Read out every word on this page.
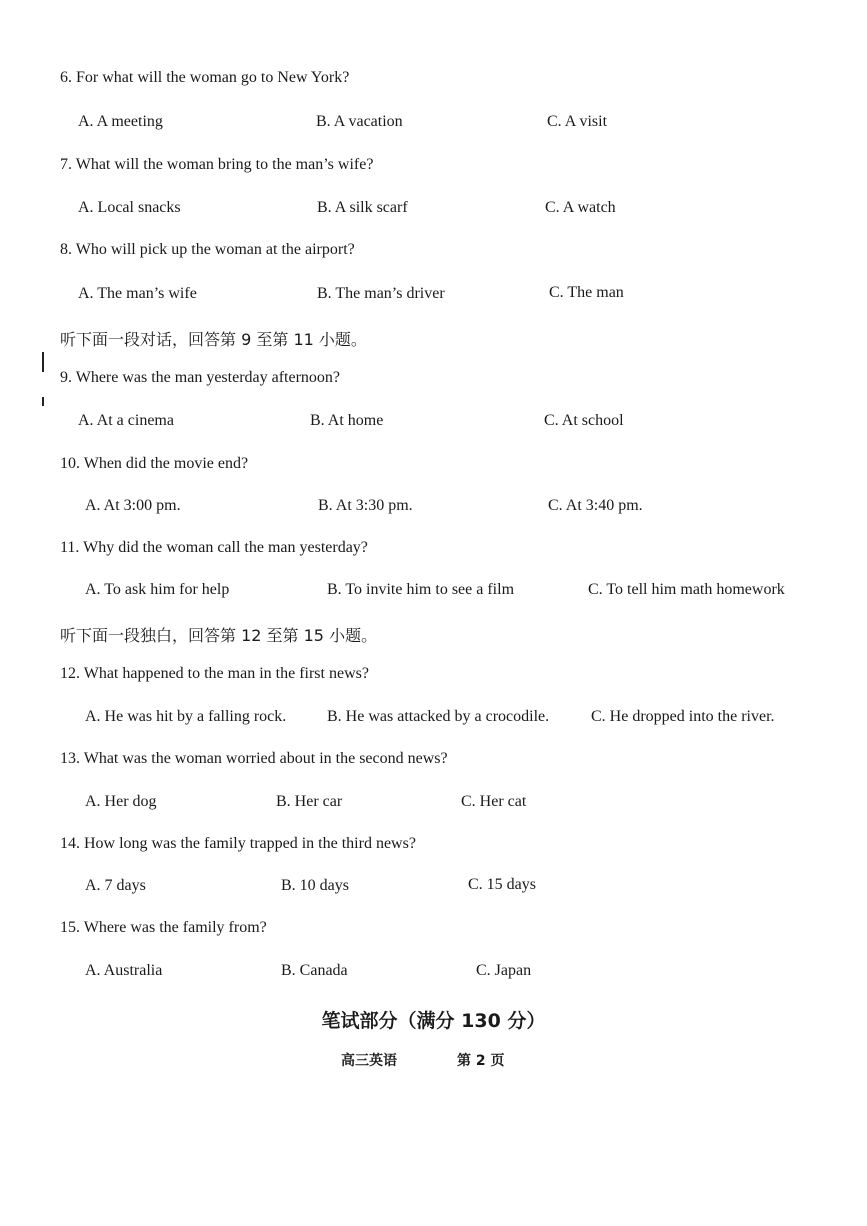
6. For what will the woman go to New York?
A. A meeting	B. A vacation	C. A visit
7. What will the woman bring to the man’s wife?
A. Local snacks	B. A silk scarf	C. A watch
8. Who will pick up the woman at the airport?
A. The man’s wife	B. The man’s driver	C. The man
听下面一段对话，回答第 9 至第 11 小题。
9. Where was the man yesterday afternoon?
A. At a cinema	B. At home	C. At school
10. When did the movie end?
A. At 3:00 pm.	B. At 3:30 pm.	C. At 3:40 pm.
11. Why did the woman call the man yesterday?
A. To ask him for help	B. To invite him to see a film	C. To tell him math homework
听下面一段独白，回答第 12 至第 15 小题。
12. What happened to the man in the first news?
A. He was hit by a falling rock.	B. He was attacked by a crocodile.	C. He dropped into the river.
13. What was the woman worried about in the second news?
A. Her dog	B. Her car	C. Her cat
14. How long was the family trapped in the third news?
A. 7 days	B. 10 days	C. 15 days
15. Where was the family from?
A. Australia	B. Canada	C. Japan
笔试部分（满分 130 分）
高三英语	第 2 页
